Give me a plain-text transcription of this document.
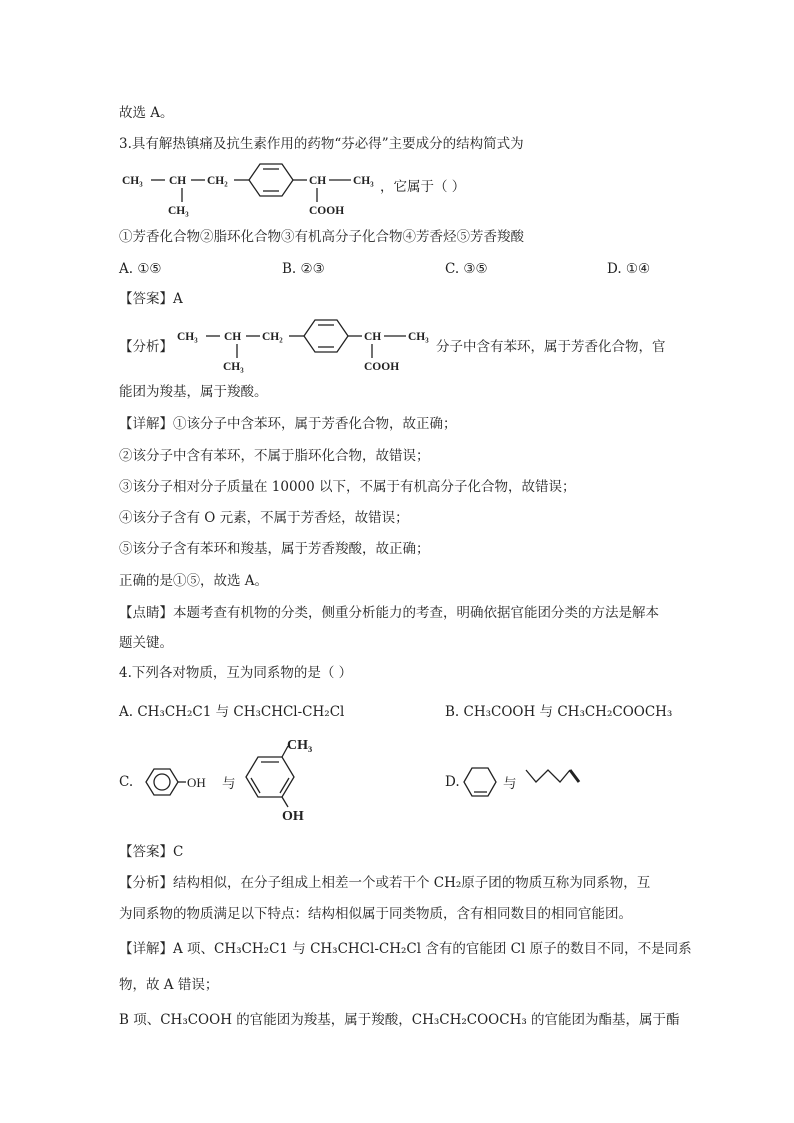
故选 A。
3.具有解热镇痛及抗生素作用的药物“芬必得”主要成分的结构简式为
CH₃ CH
CH₃
CH₂	CH
COOH
CH₃ ，它属于（ ）
①芳香化合物②脂环化合物③有机高分子化合物④芳香烃⑤芳香羧酸
A. ①⑤	B. ②③	C. ③⑤	D. ①④
【答案】A
【分析】
CH₃ CH
CH₃
CH₂	CH
COOH
CH₃
分子中含有苯环，属于芳香化合物，官
能团为羧基，属于羧酸。
【详解】①该分子中含苯环，属于芳香化合物，故正确；
②该分子中含有苯环，不属于脂环化合物，故错误；
③该分子相对分子质量在 10000 以下，不属于有机高分子化合物，故错误；
④该分子含有 O 元素，不属于芳香烃，故错误；
⑤该分子含有苯环和羧基，属于芳香羧酸，故正确；
正确的是①⑤，故选 A。
【点睛】本题考查有机物的分类，侧重分析能力的考查，明确依据官能团分类的方法是解本
题关键。
4.下列各对物质，互为同系物的是（ ）
A. CH₃CH₂C1 与 CH₃CHCl-CH₂Cl	B. CH₃COOH 与 CH₃CH₂COOCH₃
C.	OH 与
CH₃
OH
D.	与
【答案】C
【分析】结构相似，在分子组成上相差一个或若干个 CH₂原子团的物质互称为同系物，互
为同系物的物质满足以下特点：结构相似属于同类物质，含有相同数目的相同官能团。
【详解】A 项、CH₃CH₂C1 与 CH₃CHCl-CH₂Cl 含有的官能团 Cl 原子的数目不同，不是同系
物，故 A 错误；
B 项、CH₃COOH 的官能团为羧基，属于羧酸，CH₃CH₂COOCH₃ 的官能团为酯基，属于酯
